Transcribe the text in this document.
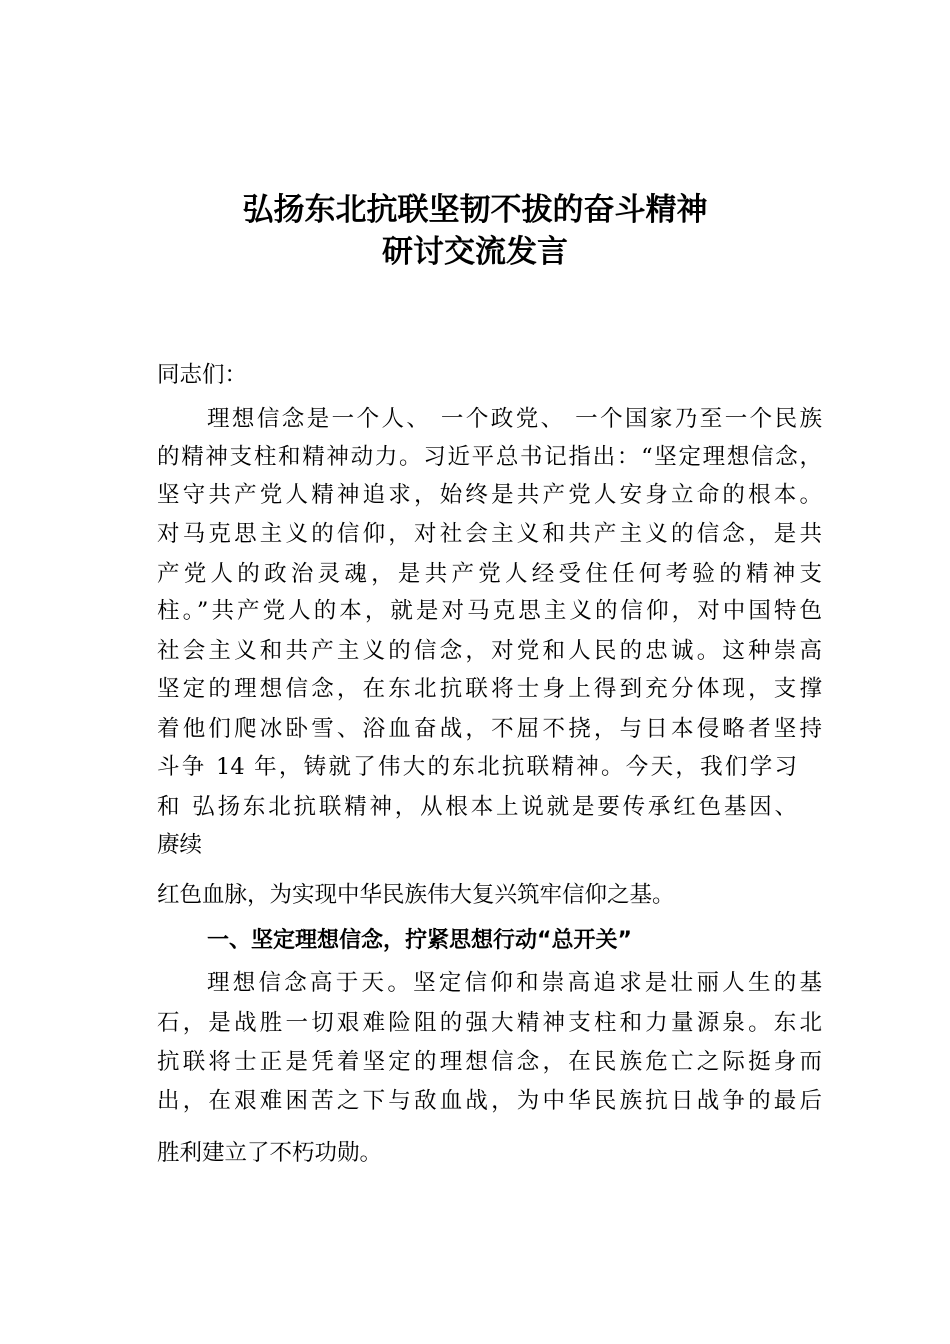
弘扬东北抗联坚韧不拔的奋斗精神
研讨交流发言
同志们：
理想信念是一个人、 一个政党、 一个国家乃至一个民族
的精神支柱和精神动力。习近平总书记指出：“坚定理想信念，
坚守共产党人精神追求，始终是共产党人安身立命的根本。
对马克思主义的信仰，对社会主义和共产主义的信念，是共
产党人的政治灵魂，是共产党人经受住任何考验的精神支
柱。”共产党人的本，就是对马克思主义的信仰，对中国特色
社会主义和共产主义的信念，对党和人民的忠诚。这种崇高
坚定的理想信念，在东北抗联将士身上得到充分体现，支撑
着他们爬冰卧雪、浴血奋战，不屈不挠，与日本侵略者坚持
斗争 14 年，铸就了伟大的东北抗联精神。今天，我们学习
和 弘扬东北抗联精神，从根本上说就是要传承红色基因、
赓续
红色血脉，为实现中华民族伟大复兴筑牢信仰之基。
一、坚定理想信念，拧紧思想行动“总开关”
理想信念高于天。坚定信仰和崇高追求是壮丽人生的基
石，是战胜一切艰难险阻的强大精神支柱和力量源泉。东北
抗联将士正是凭着坚定的理想信念，在民族危亡之际挺身而
出，在艰难困苦之下与敌血战，为中华民族抗日战争的最后
胜利建立了不朽功勋。
